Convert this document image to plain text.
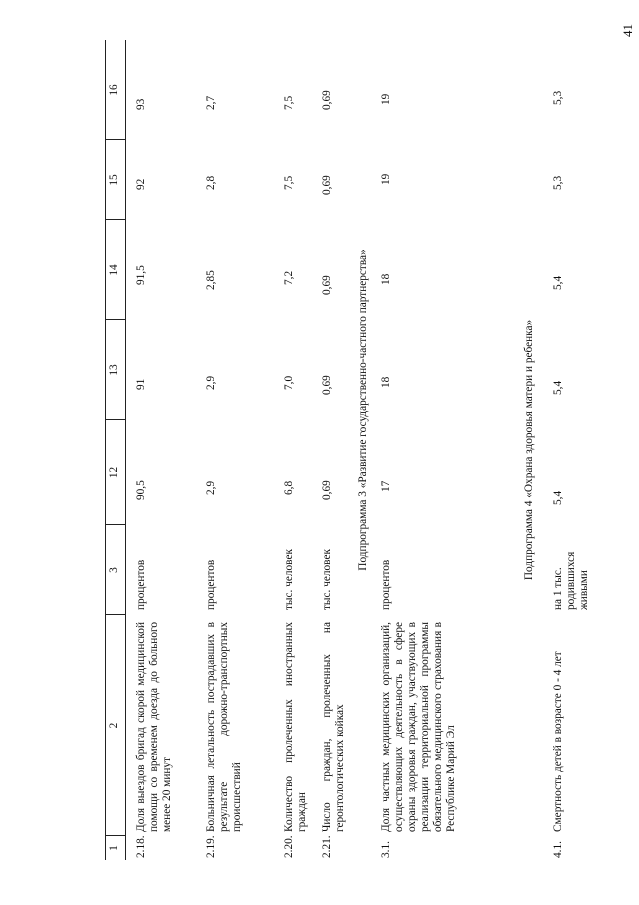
41
1
2
3
12
13
14
15
16
2.18.
Доля выездов бригад скорой медицинской помощи со временем доезда до больного менее 20 минут
процентов
90,5
91
91,5
92
93
2.19.
Больничная летальность пострадавших в результате дорожно-транспортных происшествий
процентов
2,9
2,9
2,85
2,8
2,7
2.20.
Количество пролеченных иностранных граждан
тыс. человек
6,8
7,0
7,2
7,5
7,5
2.21.
Число граждан, пролеченных на геронтологических койках
тыс. человек
0,69
0,69
0,69
0,69
0,69
Подпрограмма 3 «Развитие государственно-частного партнерства»
3.1.
Доля частных медицинских организаций, осуществляющих деятельность в сфере охраны здоровья граждан, участвующих в реализации территориальной программы обязательного медицинского страхования в Республике Марий Эл
процентов
17
18
18
19
19
Подпрограмма 4 «Охрана здоровья матери и ребенка»
4.1.
Смертность детей в возрасте 0 - 4 лет
на 1 тыс. родившихся живыми
5,4
5,4
5,4
5,3
5,3
